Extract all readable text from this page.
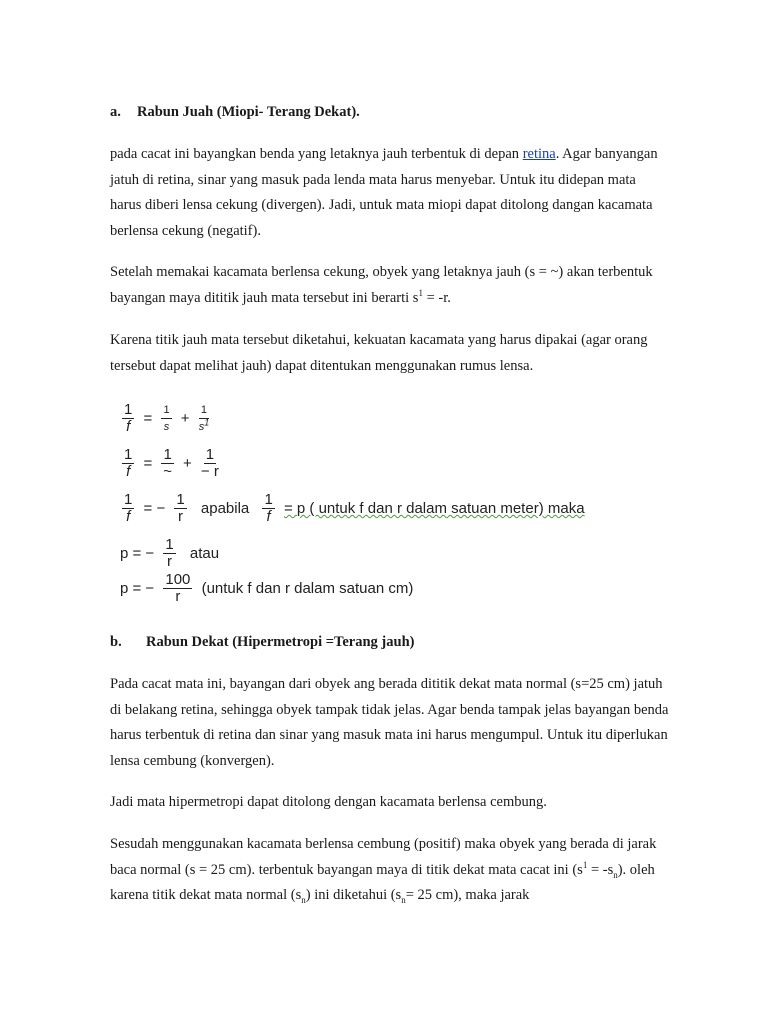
a. Rabun Juah (Miopi- Terang Dekat).

pada cacat ini bayangkan benda yang letaknya jauh terbentuk di depan retina. Agar banyangan jatuh di retina, sinar yang masuk pada lenda mata harus menyebar. Untuk itu didepan mata harus diberi lensa cekung (divergen). Jadi, untuk mata miopi dapat ditolong dangan kacamata berlensa cekung (negatif).

Setelah memakai kacamata berlensa cekung, obyek yang letaknya jauh (s = ~) akan terbentuk bayangan maya dititik jauh mata tersebut ini berarti $s^1 = -r$.

Karena titik jauh mata tersebut diketahui, kekuatan kacamata yang harus dipakai (agar orang tersebut dapat melihat jauh) dapat ditentukan menggunakan rumus lensa.

$\frac{1}{f} = \frac{1}{s} + \frac{1}{s^1}$
$\frac{1}{f} = \frac{1}{\sim} + \frac{1}{- r}$
$\frac{1}{f}$ = − $\frac{1}{r}$ apabila $\frac{1}{f} = p$ ( untuk f dan r dalam satuan meter) maka
p = − $\frac{1}{r}$ atau
p = − $\frac{100}{r}$ (untuk f dan r dalam satuan cm)
b. Rabun Dekat (Hipermetropi =Terang jauh)

Pada cacat mata ini, bayangan dari obyek ang berada dititik dekat mata normal (s=25 cm) jatuh di belakang retina, sehingga obyek tampak tidak jelas. Agar benda tampak jelas bayangan benda harus terbentuk di retina dan sinar yang masuk mata ini harus mengumpul. Untuk itu diperlukan lensa cembung (konvergen).

Jadi mata hipermetropi dapat ditolong dengan kacamata berlensa cembung.

Sesudah menggunakan kacamata berlensa cembung (positif) maka obyek yang berada di jarak baca normal (s = 25 cm). terbentuk bayangan maya di titik dekat mata cacat ini $(s^1 = -s_n)$. oleh karena titik dekat mata normal $(s_n)$ ini diketahui ($s_n= 25$ cm), maka jarak
